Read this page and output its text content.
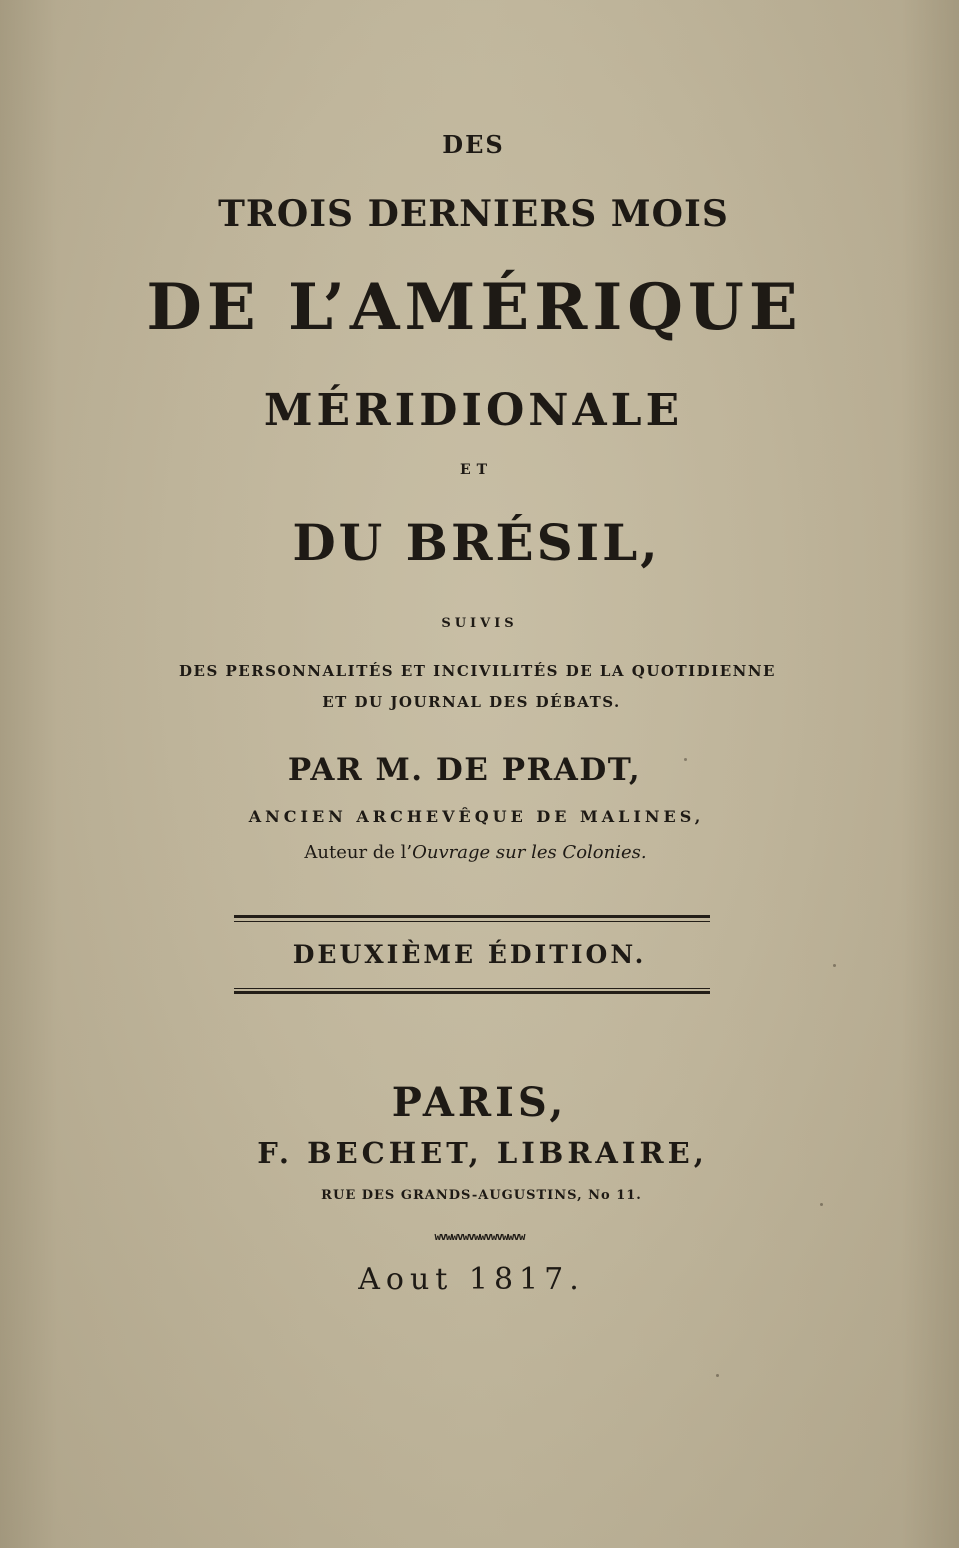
DES
TROIS DERNIERS MOIS
DE L’AMÉRIQUE
MÉRIDIONALE
ET
DU BRÉSIL,
SUIVIS
DES PERSONNALITÉS ET INCIVILITÉS DE LA QUOTIDIENNE
ET DU JOURNAL DES DÉBATS.
PAR M. DE PRADT,
ANCIEN ARCHEVÊQUE DE MALINES,
Auteur de l’Ouvrage sur les Colonies.
DEUXIÈME ÉDITION.
PARIS,
F. BECHET, LIBRAIRE,
RUE DES GRANDS-AUGUSTINS, No 11.
wvwwvwvwwvwvwwvw
Aout 1817.
